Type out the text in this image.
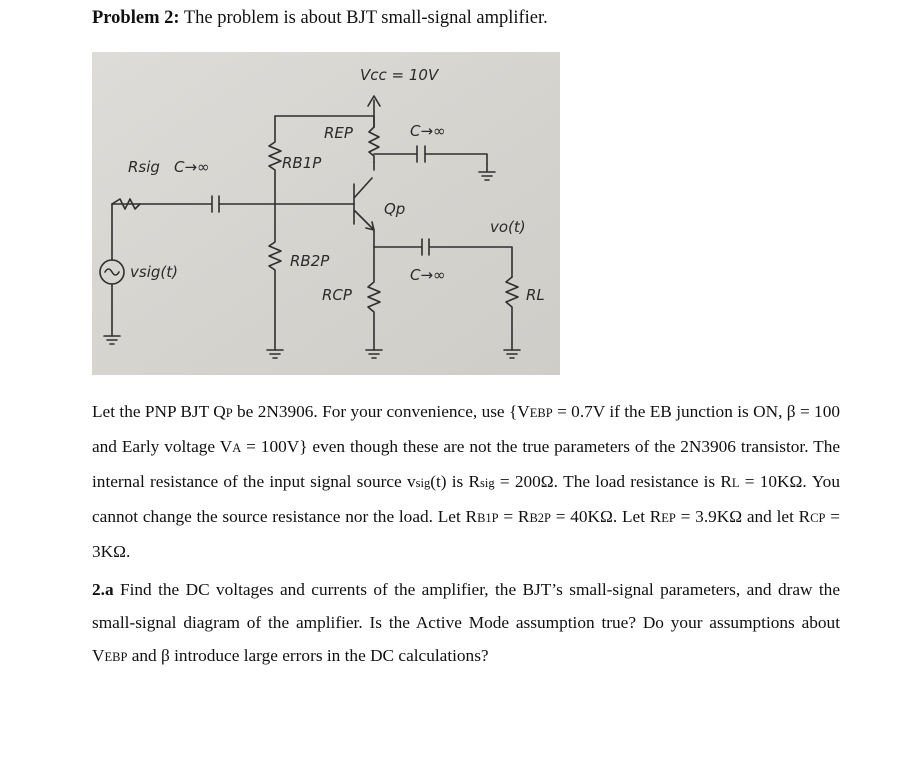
Problem 2: The problem is about BJT small-signal amplifier.
Vcc = 10V
REP
RB1P
RB2P
RCP
Rsig C→∞
C→∞
C→∞
Qp
vo(t)
vsig(t)
RL
Let the PNP BJT QP be 2N3906. For your convenience, use {VEBP = 0.7V if the EB junction is ON, β = 100 and Early voltage VA = 100V} even though these are not the true parameters of the 2N3906 transistor. The internal resistance of the input signal source vsig(t) is Rsig = 200Ω. The load resistance is RL = 10KΩ. You cannot change the source resistance nor the load. Let RB1P = RB2P = 40KΩ. Let REP = 3.9KΩ and let RCP = 3KΩ.
2.a Find the DC voltages and currents of the amplifier, the BJT’s small-signal parameters, and draw the small-signal diagram of the amplifier. Is the Active Mode assumption true? Do your assumptions about VEBP and β introduce large errors in the DC calculations?
